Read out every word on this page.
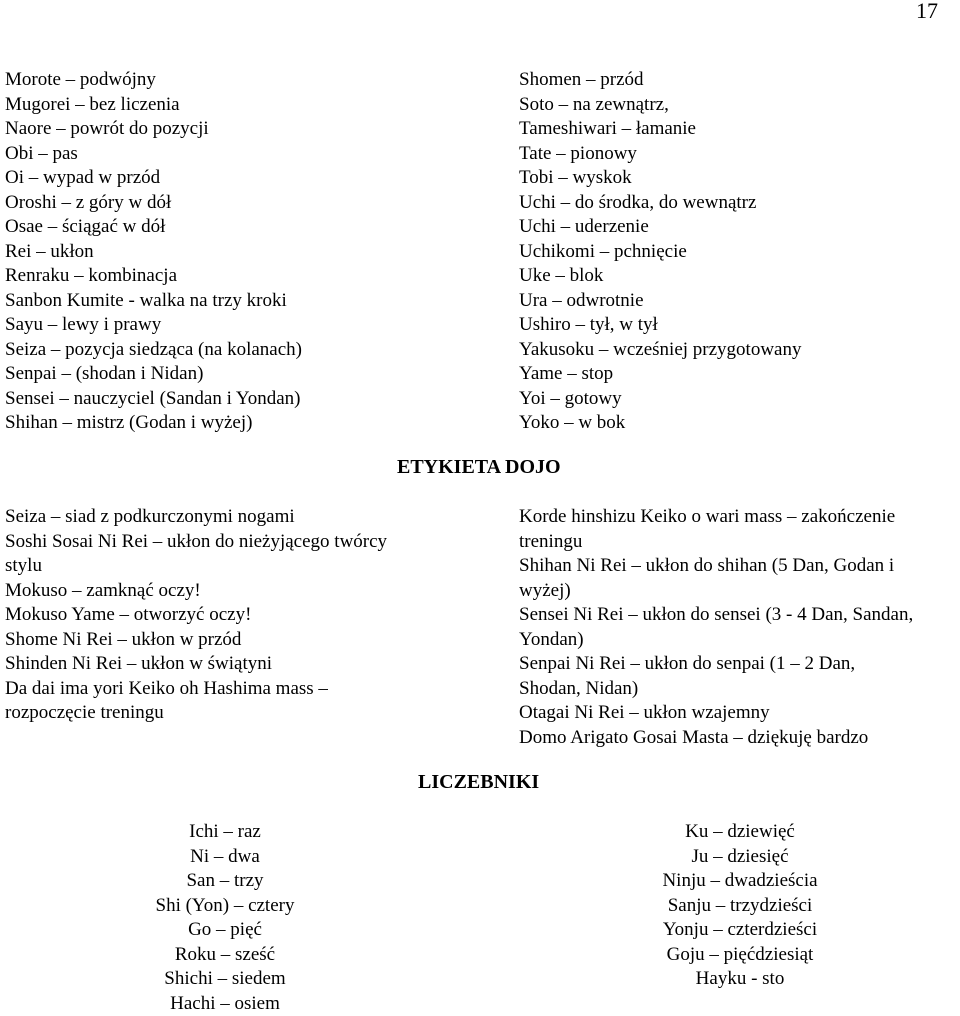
17
Morote – podwójny
Mugorei – bez liczenia
Naore – powrót do pozycji
Obi – pas
Oi – wypad w przód
Oroshi – z góry w dół
Osae – ściągać w dół
Rei – ukłon
Renraku – kombinacja
Sanbon Kumite - walka na trzy kroki
Sayu – lewy i prawy
Seiza – pozycja siedząca (na kolanach)
Senpai – (shodan i Nidan)
Sensei – nauczyciel (Sandan i Yondan)
Shihan – mistrz (Godan i wyżej)
Shomen – przód
Soto – na zewnątrz,
Tameshiwari – łamanie
Tate – pionowy
Tobi – wyskok
Uchi – do środka, do wewnątrz
Uchi – uderzenie
Uchikomi – pchnięcie
Uke – blok
Ura – odwrotnie
Ushiro – tył, w tył
Yakusoku – wcześniej przygotowany
Yame – stop
Yoi – gotowy
Yoko – w bok
ETYKIETA DOJO
Seiza – siad z podkurczonymi nogami
Soshi Sosai Ni Rei – ukłon do nieżyjącego twórcy
stylu
Mokuso – zamknąć oczy!
Mokuso Yame – otworzyć oczy!
Shome Ni Rei – ukłon w przód
Shinden Ni Rei – ukłon w świątyni
Da dai ima yori Keiko oh Hashima mass –
rozpoczęcie treningu
Korde hinshizu Keiko o wari mass – zakończenie
treningu
Shihan Ni Rei – ukłon do shihan (5 Dan, Godan i
wyżej)
Sensei Ni Rei – ukłon do sensei (3 - 4 Dan, Sandan,
Yondan)
Senpai Ni Rei – ukłon do senpai (1 – 2 Dan,
Shodan, Nidan)
Otagai Ni Rei – ukłon wzajemny
Domo Arigato Gosai Masta – dziękuję bardzo
LICZEBNIKI
Ichi – raz
Ni – dwa
San – trzy
Shi (Yon) – cztery
Go – pięć
Roku – sześć
Shichi – siedem
Hachi – osiem
Ku – dziewięć
Ju – dziesięć
Ninju – dwadzieścia
Sanju – trzydzieści
Yonju – czterdzieści
Goju – pięćdziesiąt
Hayku - sto
